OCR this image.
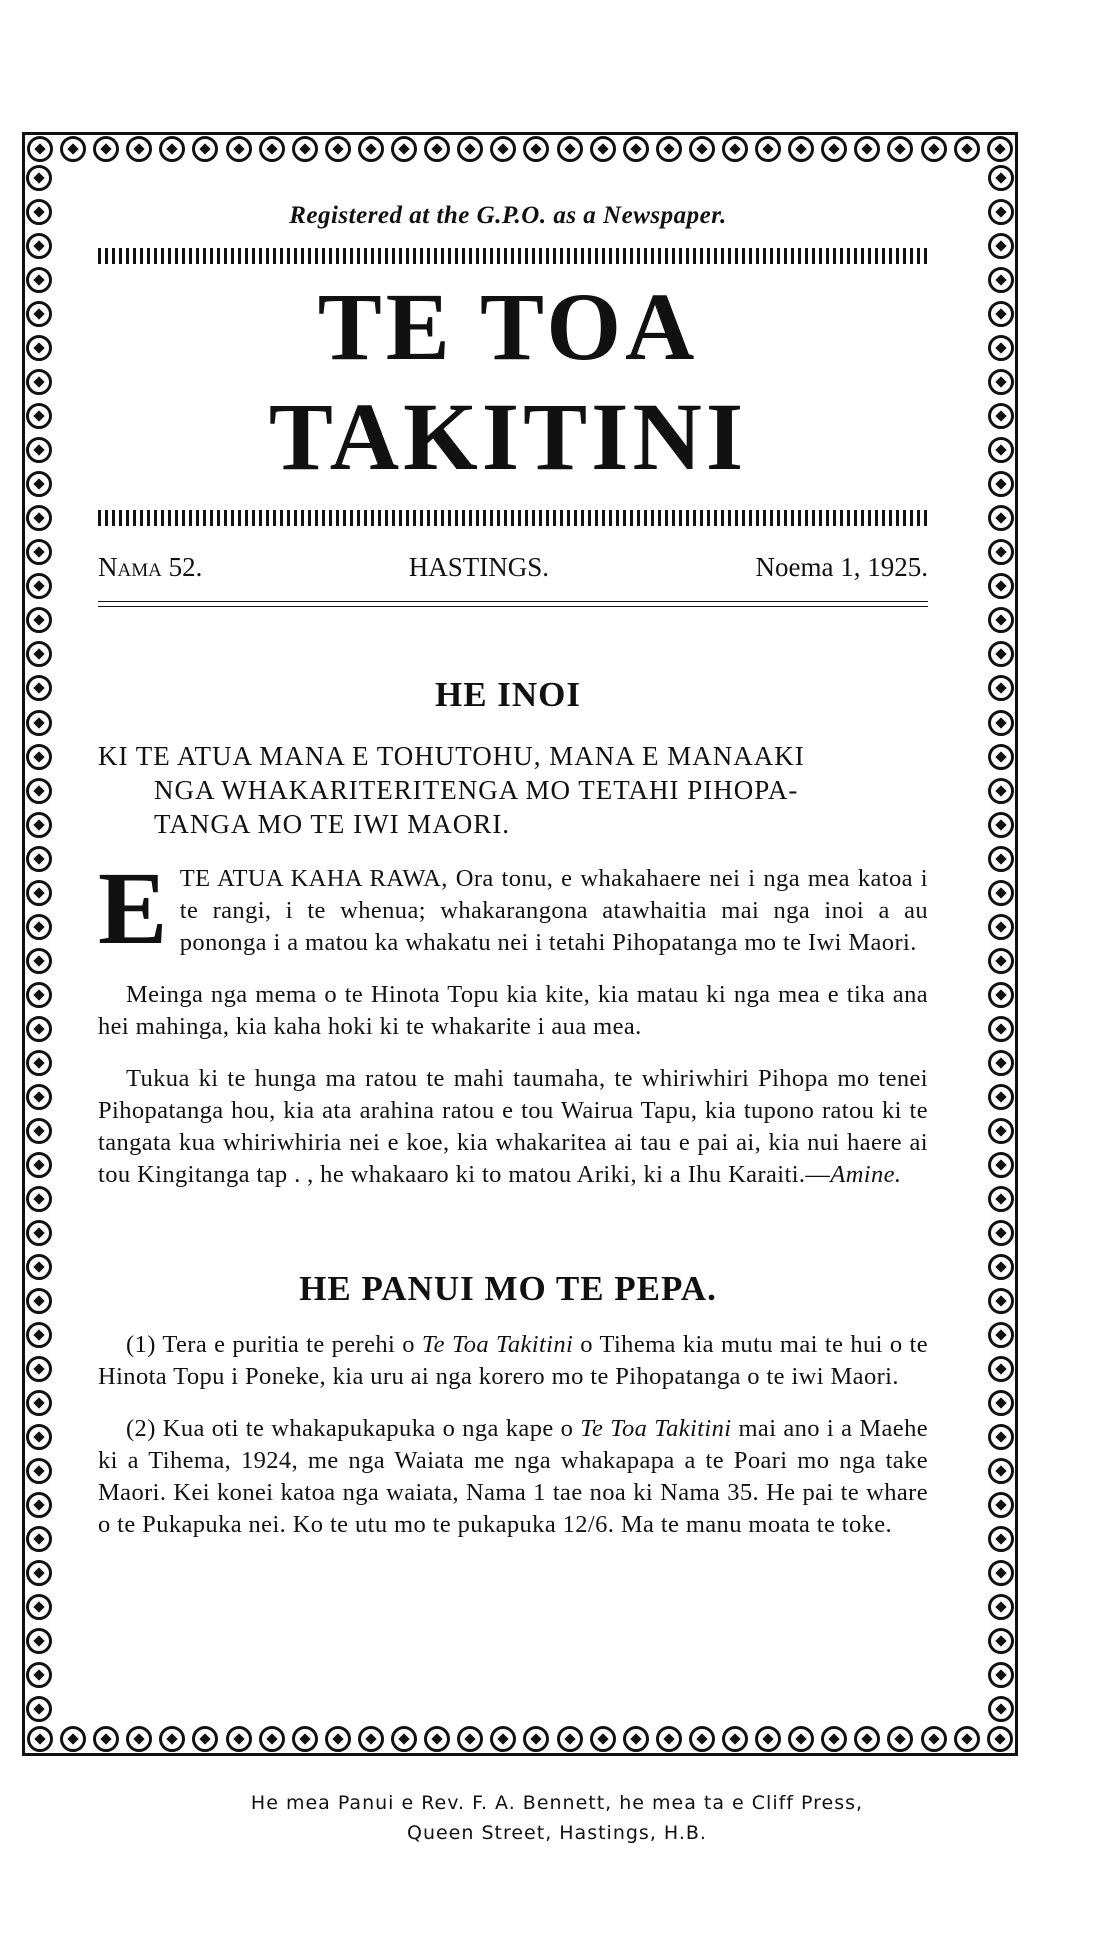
Registered at the G.P.O. as a Newspaper.
TE TOA TAKITINI
Nama 52.	HASTINGS.	Noema 1, 1925.
HE INOI
KI TE ATUA MANA E TOHUTOHU, MANA E MANAAKI
NGA WHAKARITERITENGA MO TETAHI PIHOPA-
TANGA MO TE IWI MAORI.

ETE ATUA KAHA RAWA, Ora tonu, e whakahaere nei i nga mea katoa i te rangi, i te whenua; whakarangona atawhaitia mai nga inoi a au pononga i a matou ka whakatu nei i tetahi Pihopatanga mo te Iwi Maori.

Meinga nga mema o te Hinota Topu kia kite, kia matau ki nga mea e tika ana hei mahinga, kia kaha hoki ki te whakarite i aua mea.

Tukua ki te hunga ma ratou te mahi taumaha, te whiriwhiri Pihopa mo tenei Pihopatanga hou, kia ata arahina ratou e tou Wairua Tapu, kia tupono ratou ki te tangata kua whiriwhiria nei e koe, kia whakaritea ai tau e pai ai, kia nui haere ai tou Kingitanga tap . , he whakaaro ki to matou Ariki, ki a Ihu Karaiti.—Amine.

HE PANUI MO TE PEPA.

(1) Tera e puritia te perehi o Te Toa Takitini o Tihema kia mutu mai te hui o te Hinota Topu i Poneke, kia uru ai nga korero mo te Pihopatanga o te iwi Maori.

(2) Kua oti te whakapukapuka o nga kape o Te Toa Takitini mai ano i a Maehe ki a Tihema, 1924, me nga Waiata me nga whakapapa a te Poari mo nga take Maori. Kei konei katoa nga waiata, Nama 1 tae noa ki Nama 35. He pai te whare o te Pukapuka nei. Ko te utu mo te pukapuka 12/6. Ma te manu moata te toke.

He mea Panui e Rev. F. A. Bennett, he mea ta e Cliff Press,
Queen Street, Hastings, H.B.
